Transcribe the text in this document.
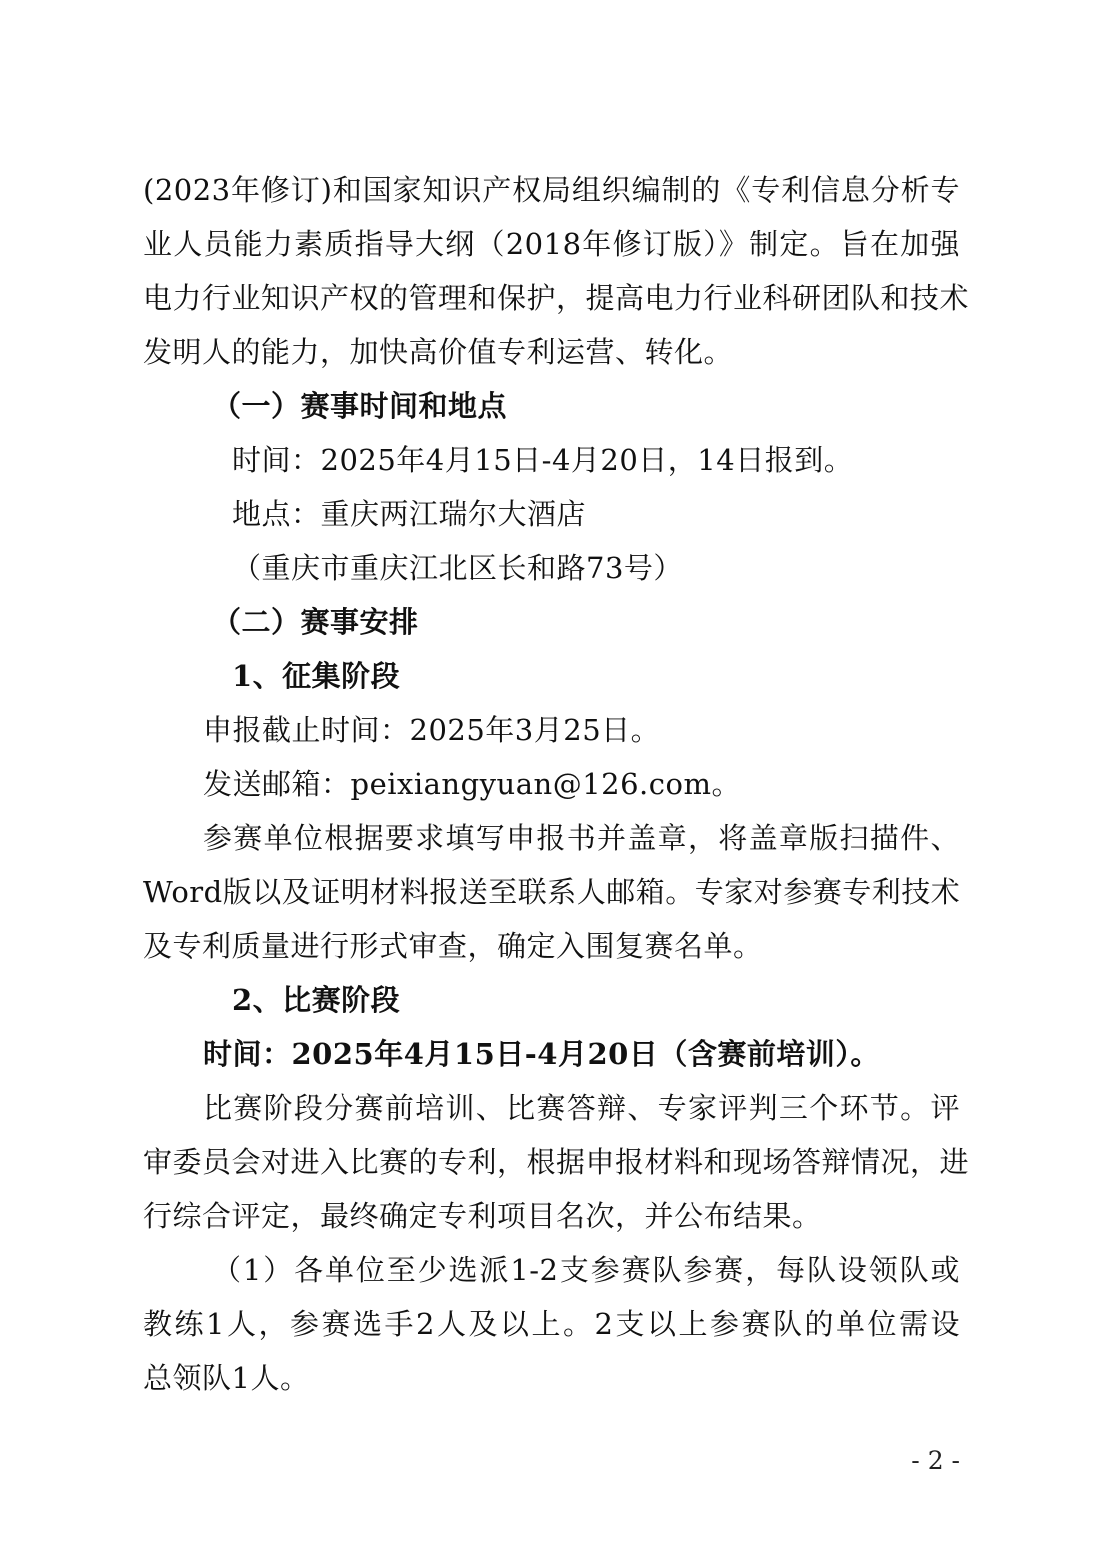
(2023年修订)和国家知识产权局组织编制的《专利信息分析专
业人员能力素质指导大纲（2018年修订版）》制定。旨在加强
电力行业知识产权的管理和保护，提高电力行业科研团队和技术
发明人的能力，加快高价值专利运营、转化。
（一）赛事时间和地点
时间：2025年4月15日-4月20日，14日报到。
地点：重庆两江瑞尔大酒店
（重庆市重庆江北区长和路73号）
（二）赛事安排
1、征集阶段
申报截止时间：2025年3月25日。
发送邮箱：peixiangyuan@126.com。
参赛单位根据要求填写申报书并盖章，将盖章版扫描件、
Word版以及证明材料报送至联系人邮箱。专家对参赛专利技术
及专利质量进行形式审查，确定入围复赛名单。
2、比赛阶段
时间：2025年4月15日-4月20日（含赛前培训）。
比赛阶段分赛前培训、比赛答辩、专家评判三个环节。评
审委员会对进入比赛的专利，根据申报材料和现场答辩情况，进
行综合评定，最终确定专利项目名次，并公布结果。
（1）各单位至少选派1-2支参赛队参赛，每队设领队或
教练1人，参赛选手2人及以上。2支以上参赛队的单位需设
总领队1人。
- 2 -
